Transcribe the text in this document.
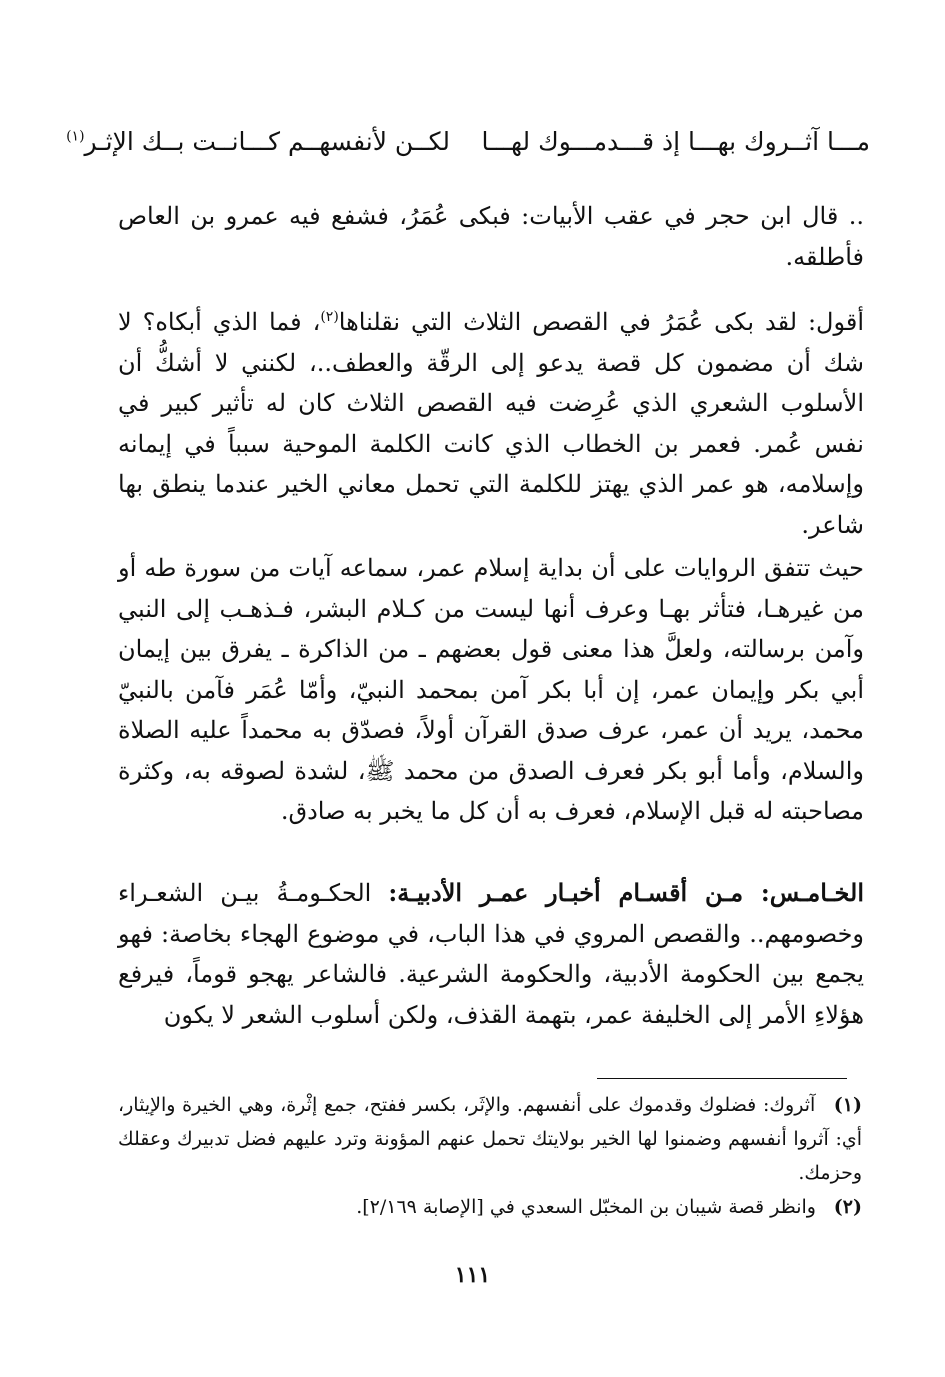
مـــا آثــروك بهـــا إذ قـــدمـــوك لهـــا
لكــن لأنفسهــم كـــانــت بــك الإثـر$^{(١)}$

.. قال ابن حجر في عقب الأبيات: فبكى عُمَرُ، فشفع فيه عمرو بن العاص فأطلقه.

أقول: لقد بكى عُمَرُ في القصص الثلاث التي نقلناها$^{(٢)}$، فما الذي أبكاه؟ لا شك أن مضمون كل قصة يدعو إلى الرقّة والعطف..، لكنني لا أشكُّ أن الأسلوب الشعري الذي عُرِضت فيه القصص الثلاث كان له تأثير كبير في نفس عُمر. فعمر بن الخطاب الذي كانت الكلمة الموحية سبباً في إيمانه وإسلامه، هو عمر الذي يهتز للكلمة التي تحمل معاني الخير عندما ينطق بها شاعر.

حيث تتفق الروايات على أن بداية إسلام عمر، سماعه آيات من سورة طه أو من غيرهـا، فتأثر بهـا وعرف أنها ليست من كـلام البشر، فـذهـب إلى النبي وآمن برسالته، ولعلَّ هذا معنى قول بعضهم ـ من الذاكرة ـ يفرق بين إيمان أبي بكر وإيمان عمر، إن أبا بكر آمن بمحمد النبيّ، وأمّا عُمَر فآمن بالنبيّ محمد، يريد أن عمر، عرف صدق القرآن أولاً، فصدّق به محمداً عليه الصلاة والسلام، وأما أبو بكر فعرف الصدق من محمد ﷺ، لشدة لصوقه به، وكثرة مصاحبته له قبل الإسلام، فعرف به أن كل ما يخبر به صادق.

الخـامـس: مـن أقسـام أخبـار عمـر الأدبيـة: الحكـومـةُ بيـن الشعـراء وخصومهم.. والقصص المروي في هذا الباب، في موضوع الهجاء بخاصة: فهو يجمع بين الحكومة الأدبية، والحكومة الشرعية. فالشاعر يهجو قوماً، فيرفع هؤلاءِ الأمر إلى الخليفة عمر، بتهمة القذف، ولكن أسلوب الشعر لا يكون

(١) آثروك: فضلوك وقدموك على أنفسهم. والإثَر، بكسر ففتح، جمع إثْرة، وهي الخيرة والإيثار، أي: آثروا أنفسهم وضمنوا لها الخير بولايتك تحمل عنهم المؤونة وترد عليهم فضل تدبيرك وعقلك وحزمك.

(٢) وانظر قصة شيبان بن المخبّل السعدي في [الإصابة ٢/١٦٩].

١١١
